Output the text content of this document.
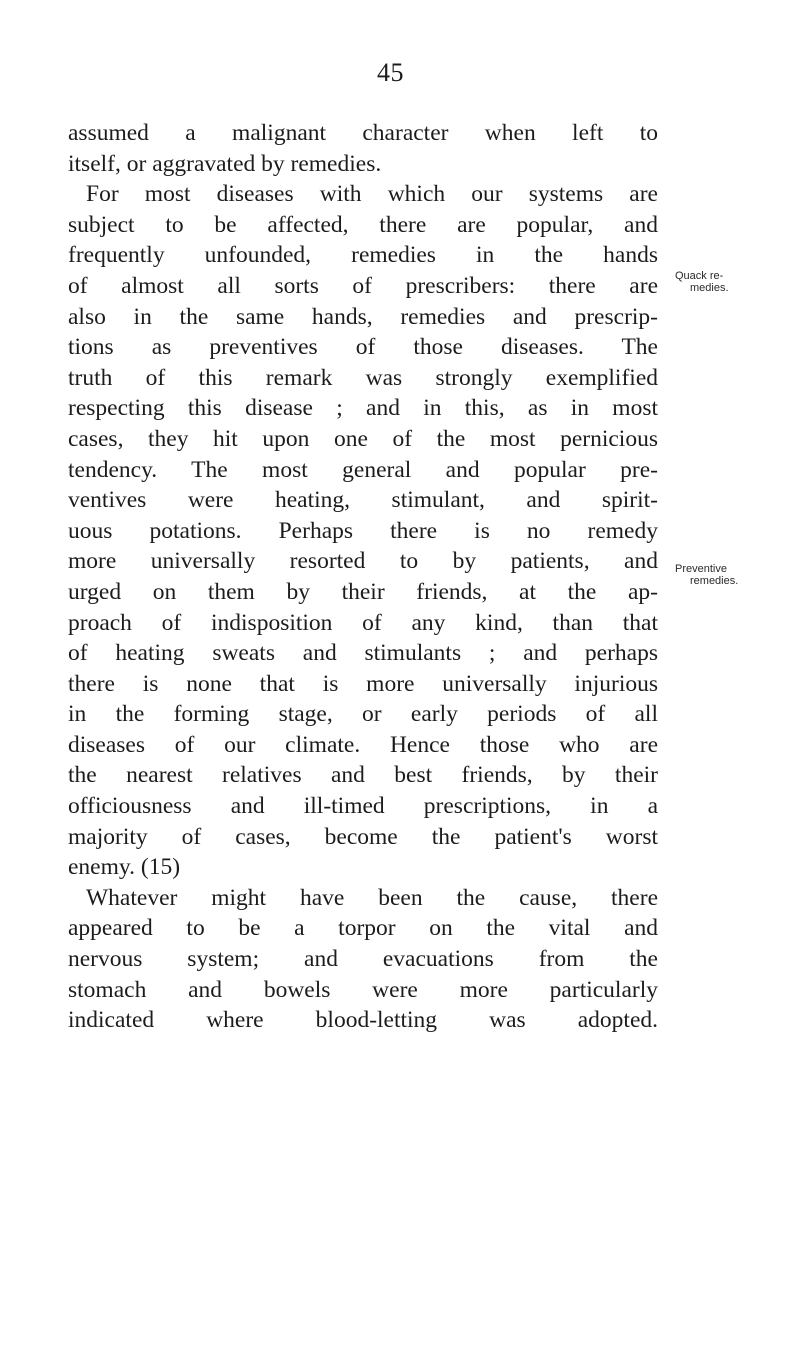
45
assumed a malignant character when left to
itself, or aggravated by remedies.
For most diseases with which our systems are
subject to be affected, there are popular, and
frequently unfounded, remedies in the hands
of almost all sorts of prescribers: there are
also in the same hands, remedies and prescrip-
tions as preventives of those diseases. The
truth of this remark was strongly exemplified
respecting this disease ; and in this, as in most
cases, they hit upon one of the most pernicious
tendency. The most general and popular pre-
ventives were heating, stimulant, and spirit-
uous potations. Perhaps there is no remedy
more universally resorted to by patients, and
urged on them by their friends, at the ap-
proach of indisposition of any kind, than that
of heating sweats and stimulants ; and perhaps
there is none that is more universally injurious
in the forming stage, or early periods of all
diseases of our climate. Hence those who are
the nearest relatives and best friends, by their
officiousness and ill-timed prescriptions, in a
majority of cases, become the patient's worst
enemy. (15)
Whatever might have been the cause, there
appeared to be a torpor on the vital and
nervous system; and evacuations from the
stomach and bowels were more particularly
indicated where blood-letting was adopted.
Quack re-
medies.
Preventive
remedies.
